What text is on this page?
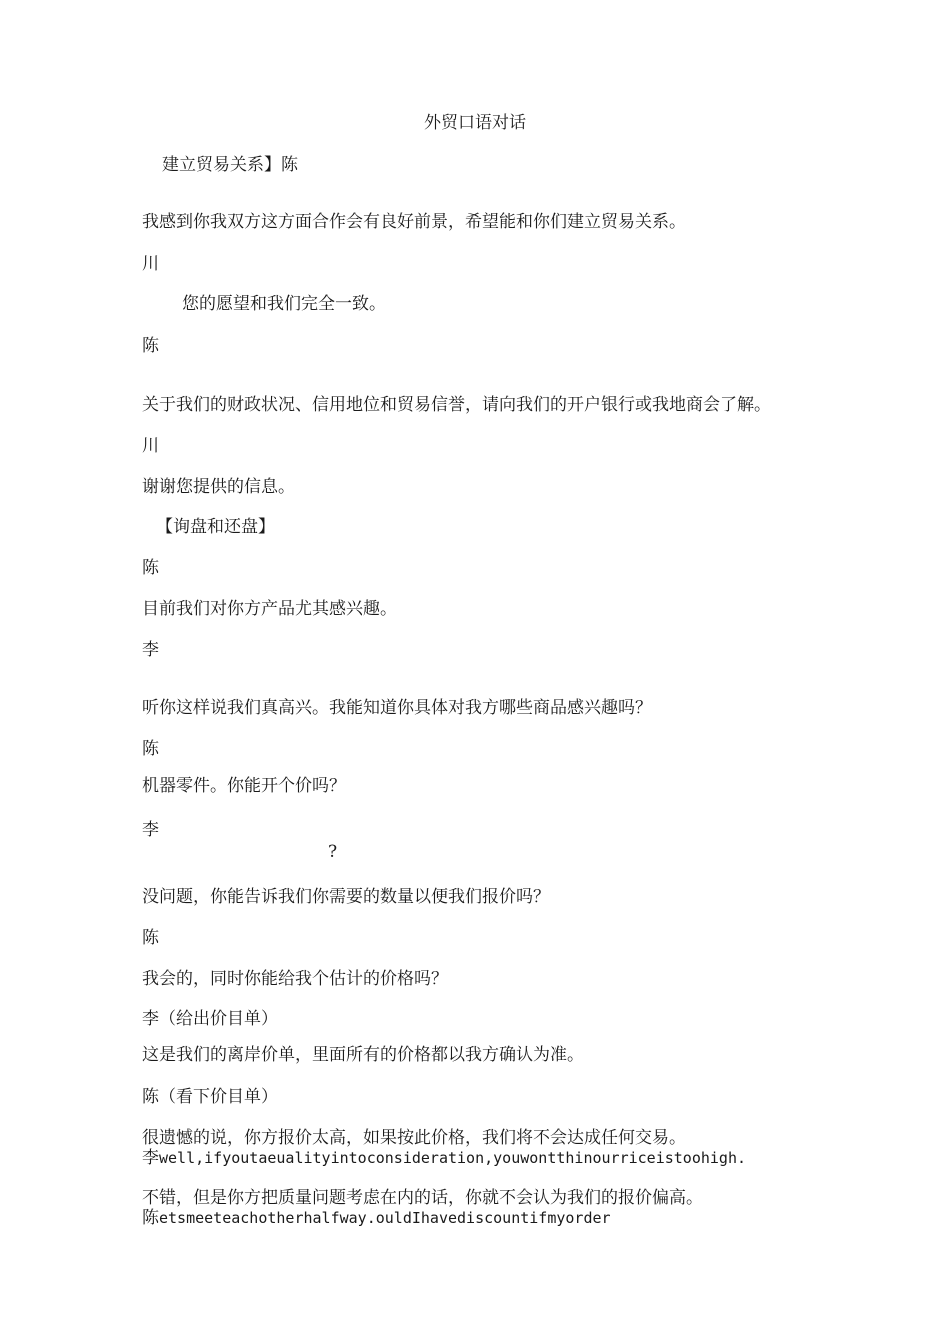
外贸口语对话
建立贸易关系】陈
我感到你我双方这方面合作会有良好前景，希望能和你们建立贸易关系。
川
您的愿望和我们完全一致。
陈
关于我们的财政状况、信用地位和贸易信誉，请向我们的开户银行或我地商会了解。
川
谢谢您提供的信息。
【询盘和还盘】
陈
目前我们对你方产品尤其感兴趣。
李
听你这样说我们真高兴。我能知道你具体对我方哪些商品感兴趣吗？
陈
机器零件。你能开个价吗？
李
?
没问题，你能告诉我们你需要的数量以便我们报价吗？
陈
我会的，同时你能给我个估计的价格吗？
李（给出价目单）
这是我们的离岸价单，里面所有的价格都以我方确认为准。
陈（看下价目单）
很遗憾的说，你方报价太高，如果按此价格，我们将不会达成任何交易。
李well,ifyoutaeualityintoconsideration,youwontthinourriceistoohigh.
不错，但是你方把质量问题考虑在内的话，你就不会认为我们的报价偏高。
陈etsmeeteachotherhalfway.ouldIhavediscountifmyorder
